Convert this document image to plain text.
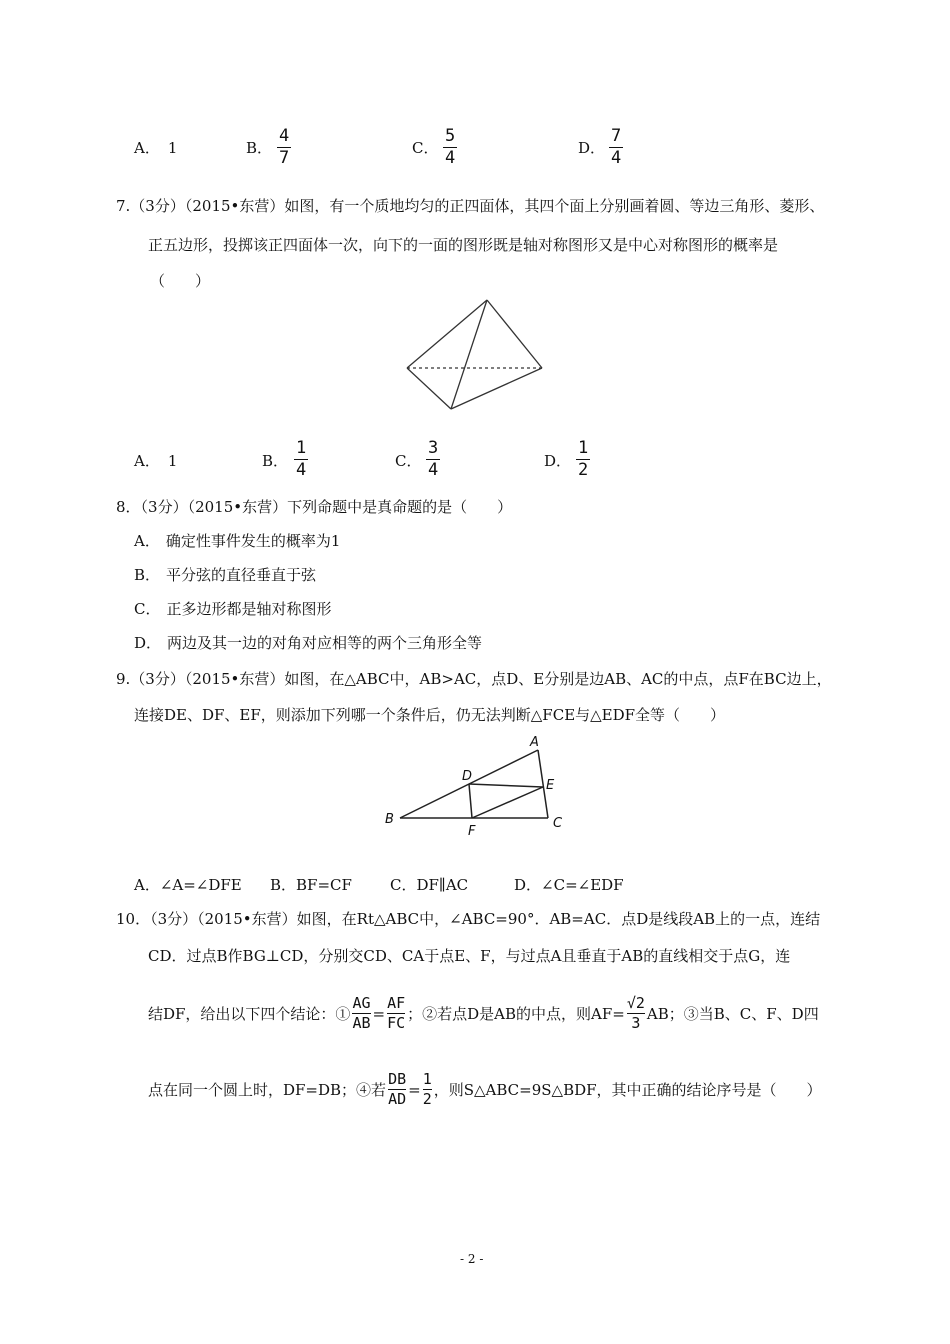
A． 1	B．
4
7	C．
5
4	D．
7
4
7.（3分）（2015•东营）如图，有一个质地均匀的正四面体，其四个面上分别画着圆、等边三角形、菱形、
正五边形，投掷该正四面体一次，向下的一面的图形既是轴对称图形又是中心对称图形的概率是
（　　）
A． 1	B．
1
4	C．
3
4	D．
1
2
8．（3分）（2015•东营）下列命题中是真命题的是（　　）
A． 确定性事件发生的概率为1
B． 平分弦的直径垂直于弦
C． 正多边形都是轴对称图形
D． 两边及其一边的对角对应相等的两个三角形全等
9.（3分）（2015•东营）如图，在△ABC中，AB>AC，点D、E分别是边AB、AC的中点，点F在BC边上，
连接DE、DF、EF，则添加下列哪一个条件后，仍无法判断△FCE与△EDF全等（　　）
A
B	C
D
E
F
A．∠A=∠DFE B．BF=CF	C．DF∥AC	D．∠C=∠EDF
10．（3分）（2015•东营）如图，在Rt△ABC中，∠ABC=90°．AB=AC．点D是线段AB上的一点，连结
CD．过点B作BG⊥CD，分别交CD、CA于点E、F，与过点A且垂直于AB的直线相交于点G，连
结DF，给出以下四个结论：① $\frac{AG}{AB} = \frac{AF}{FC}$ ；②若点D是AB的中点，则$AF= \frac{√2}{3}$ AB；③当B、C、F、D四
点在同一个圆上时，DF=DB；④若 $\frac{DB}{AD} = \frac{1}{2}$ ，则S△ABC=9S△BDF，其中正确的结论序号是（　　）
- 2 -
